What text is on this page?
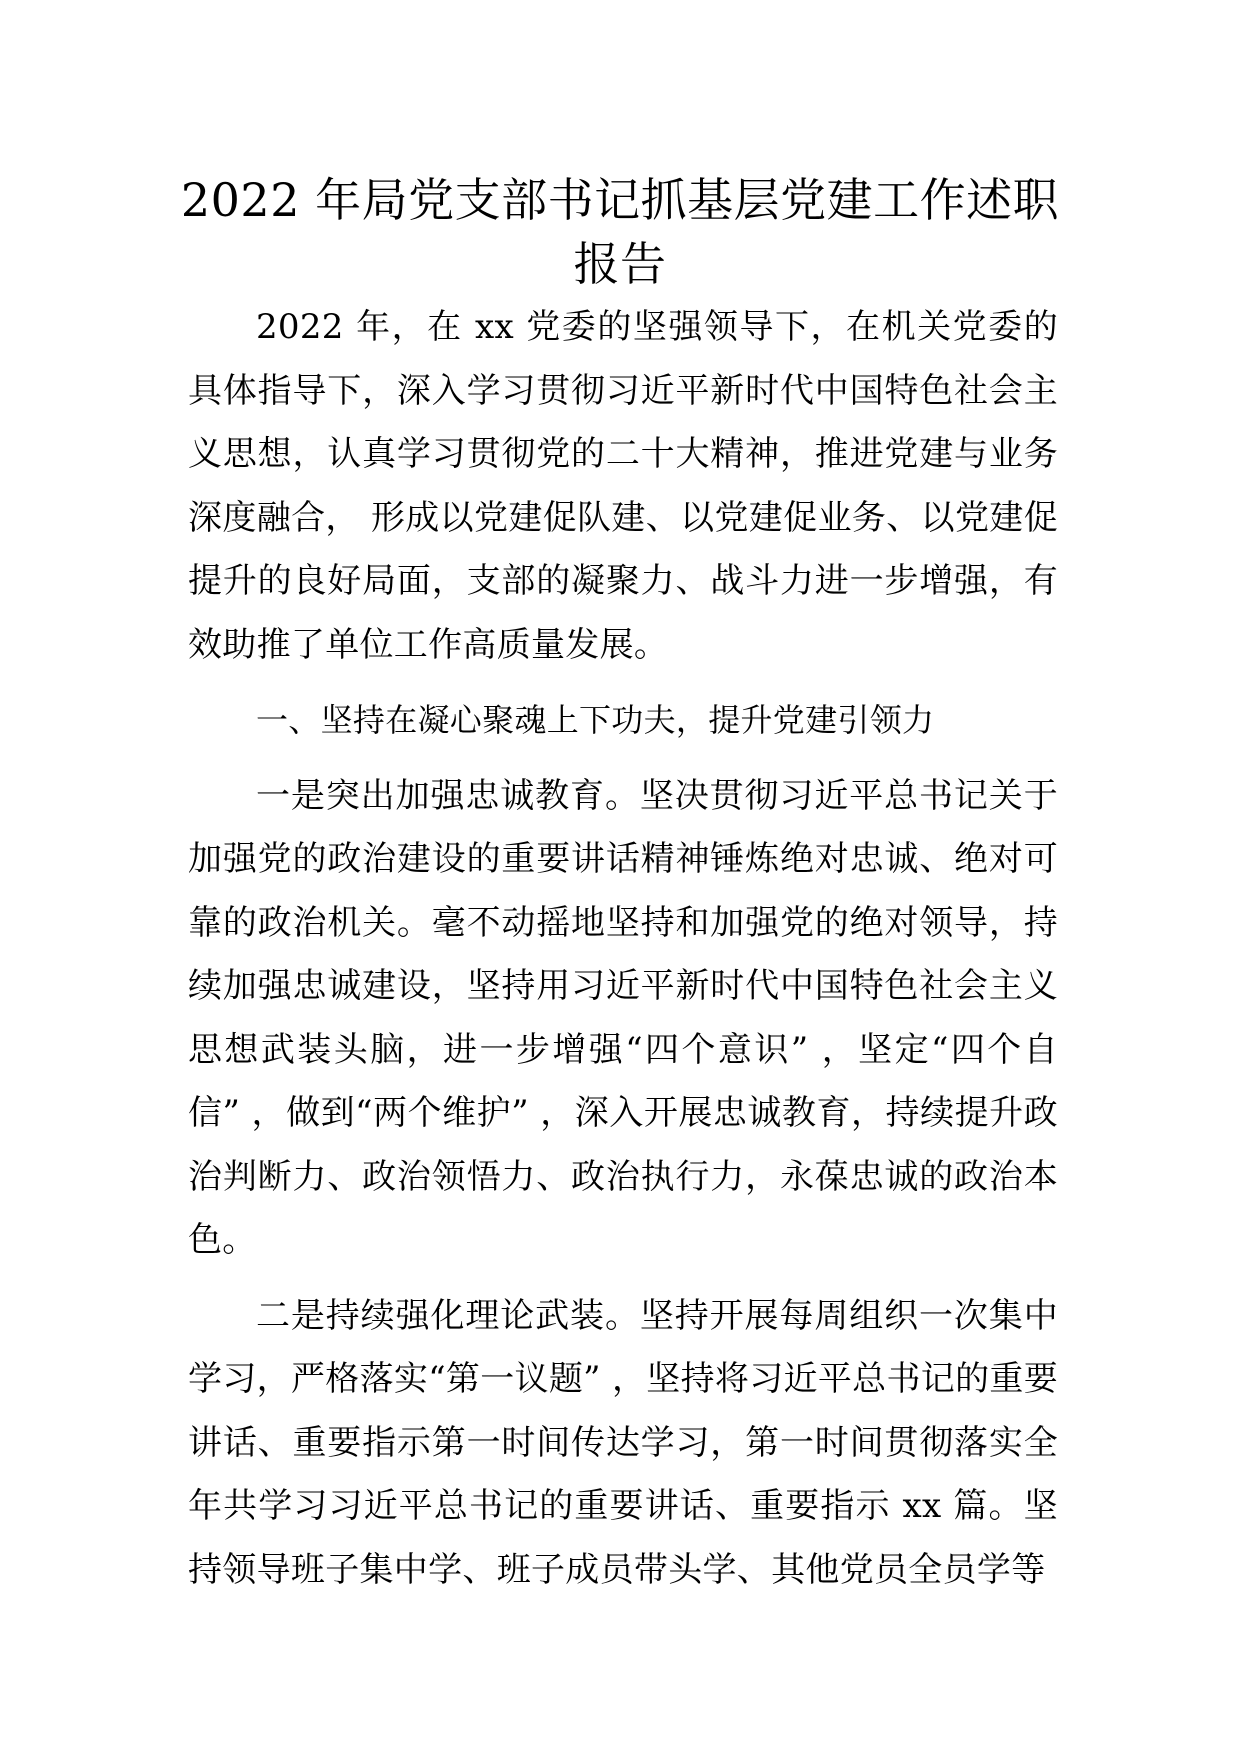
2022 年局党支部书记抓基层党建工作述职
报告

2022 年，在 xx 党委的坚强领导下，在机关党委的具体指导下，深入学习贯彻习近平新时代中国特色社会主义思想，认真学习贯彻党的二十大精神，推进党建与业务深度融合， 形成以党建促队建、以党建促业务、以党建促提升的良好局面，支部的凝聚力、战斗力进一步增强，有效助推了单位工作高质量发展。

一、坚持在凝心聚魂上下功夫，提升党建引领力

一是突出加强忠诚教育。坚决贯彻习近平总书记关于加强党的政治建设的重要讲话精神锤炼绝对忠诚、绝对可靠的政治机关。毫不动摇地坚持和加强党的绝对领导，持续加强忠诚建设，坚持用习近平新时代中国特色社会主义思想武装头脑，进一步增强“四个意识” ，坚定“四个自信” ，做到“两个维护” ，深入开展忠诚教育，持续提升政治判断力、政治领悟力、政治执行力，永葆忠诚的政治本色。

二是持续强化理论武装。坚持开展每周组织一次集中学习，严格落实“第一议题” ，坚持将习近平总书记的重要讲话、重要指示第一时间传达学习，第一时间贯彻落实全年共学习习近平总书记的重要讲话、重要指示 xx 篇。坚持领导班子集中学、班子成员带头学、其他党员全员学等
